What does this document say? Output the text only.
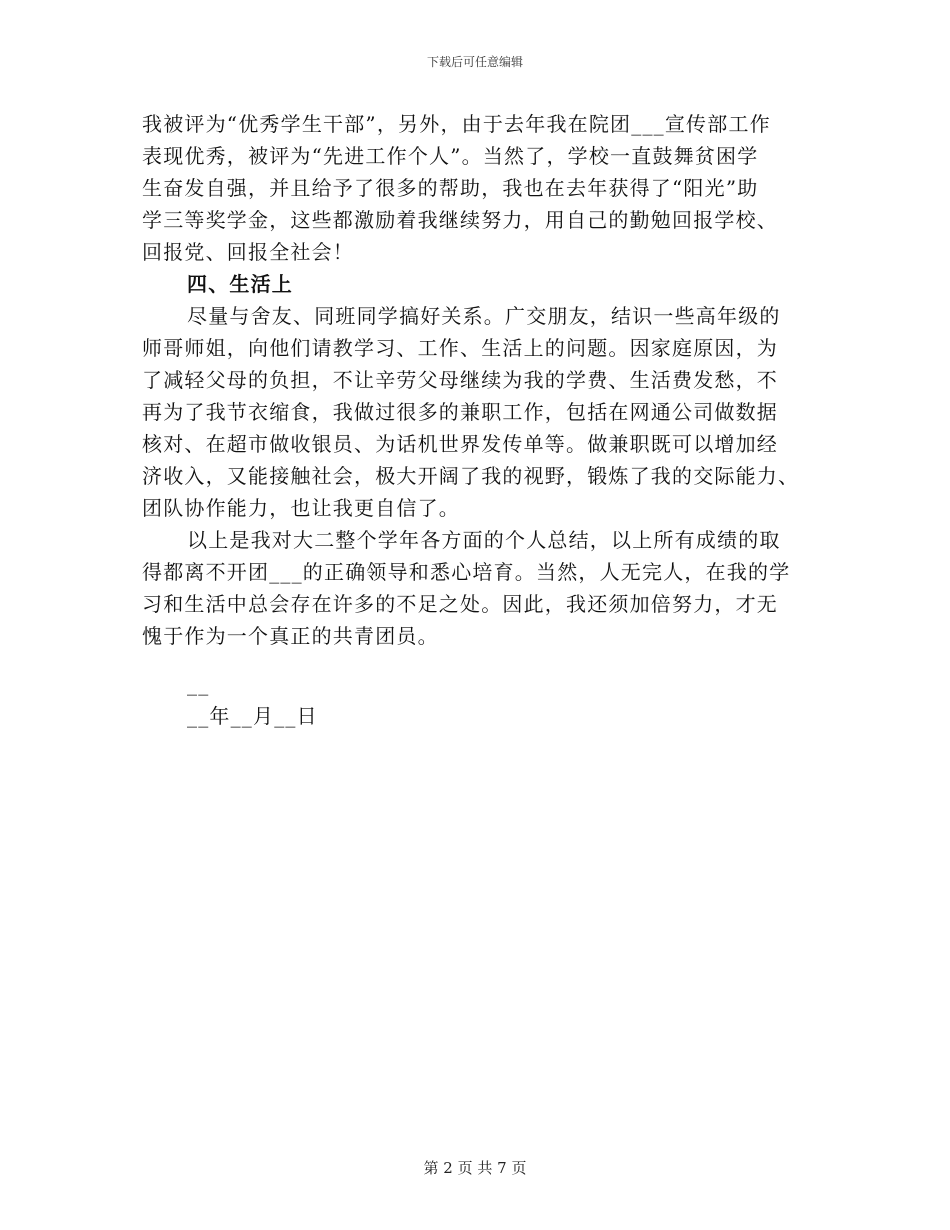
下载后可任意编辑
我被评为“优秀学生干部”，另外，由于去年我在院团___宣传部工作
表现优秀，被评为“先进工作个人”。当然了，学校一直鼓舞贫困学
生奋发自强，并且给予了很多的帮助，我也在去年获得了“阳光”助
学三等奖学金，这些都激励着我继续努力，用自己的勤勉回报学校、
回报党、回报全社会！
四、生活上
尽量与舍友、同班同学搞好关系。广交朋友，结识一些高年级的
师哥师姐，向他们请教学习、工作、生活上的问题。因家庭原因，为
了减轻父母的负担，不让辛劳父母继续为我的学费、生活费发愁，不
再为了我节衣缩食，我做过很多的兼职工作，包括在网通公司做数据
核对、在超市做收银员、为话机世界发传单等。做兼职既可以增加经
济收入，又能接触社会，极大开阔了我的视野，锻炼了我的交际能力、
团队协作能力，也让我更自信了。
以上是我对大二整个学年各方面的个人总结，以上所有成绩的取
得都离不开团___的正确领导和悉心培育。当然，人无完人，在我的学
习和生活中总会存在许多的不足之处。因此，我还须加倍努力，才无
愧于作为一个真正的共青团员。
__
__年__月__日
第 2 页 共 7 页
